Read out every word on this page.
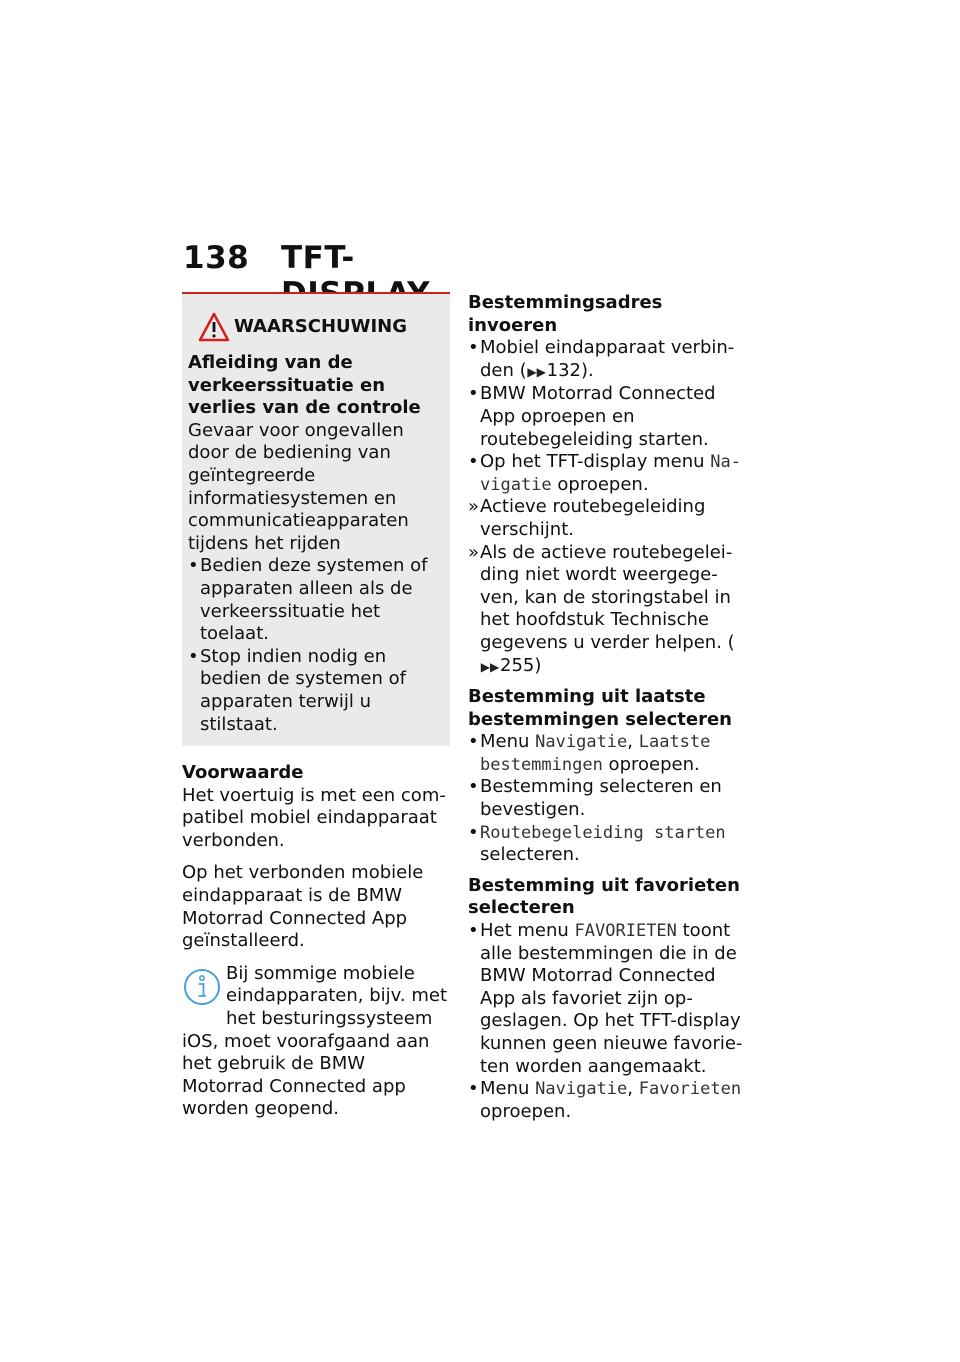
138 TFT-
WAARSCHUWING

Afleiding van de verkeerssituatie en verlies van de controle

Gevaar voor ongevallen door de bediening van geïntegreerde informatiesystemen en communicatieapparaten tijdens het rijden

• Bedien deze systemen of apparaten alleen als de verkeerssituatie het toelaat.
• Stop indien nodig en bedien de systemen of apparaten terwijl u stilstaat.

Voorwaarde

Het voertuig is met een compatibel mobiel eindapparaat verbonden.

Op het verbonden mobiele eindapparaat is de BMW Motorrad Connected App geïnstalleerd.

Bij sommige mobiele eindapparaten, bijv. met het besturingssysteem iOS, moet voorafgaand aan het gebruik de BMW Motorrad Connected app worden geopend.

Bestemmingsadres invoeren

• Mobiel eindapparaat verbinden (▶▶132).
• BMW Motorrad Connected App oproepen en routebegeleiding starten.
• Op het TFT-display menu Navigatie oproepen.
» Actieve routebegeleiding verschijnt.
» Als de actieve routebegeleiding niet wordt weergegeven, kan de storingstabel in het hoofdstuk Technische gegevens u verder helpen. (▶▶255)

Bestemming uit laatste bestemmingen selecteren

• Menu Navigatie, Laatste bestemmingen oproepen.
• Bestemming selecteren en bevestigen.
• Routebegeleiding starten selecteren.

Bestemming uit favorieten selecteren

• Het menu FAVORIETEN toont alle bestemmingen die in de BMW Motorrad Connected App als favoriet zijn opgeslagen. Op het TFT-display kunnen geen nieuwe favorieten worden aangemaakt.
• Menu Navigatie, Favorieten oproepen.
